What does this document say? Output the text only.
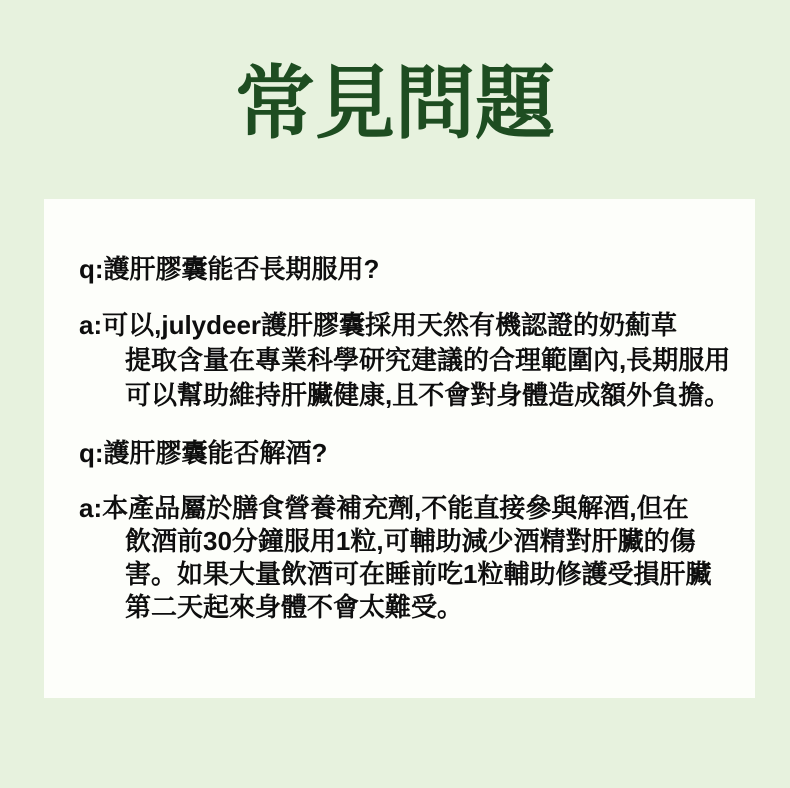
常見問題

q:護肝膠囊能否長期服用?

a:可以,julydeer護肝膠囊採用天然有機認證的奶薊草

提取含量在專業科學研究建議的合理範圍內,長期服用

可以幫助維持肝臟健康,且不會對身體造成額外負擔。

q:護肝膠囊能否解酒?

a:本產品屬於膳食營養補充劑,不能直接參與解酒,但在

飲酒前30分鐘服用1粒,可輔助減少酒精對肝臟的傷

害。如果大量飲酒可在睡前吃1粒輔助修護受損肝臟

第二天起來身體不會太難受。
